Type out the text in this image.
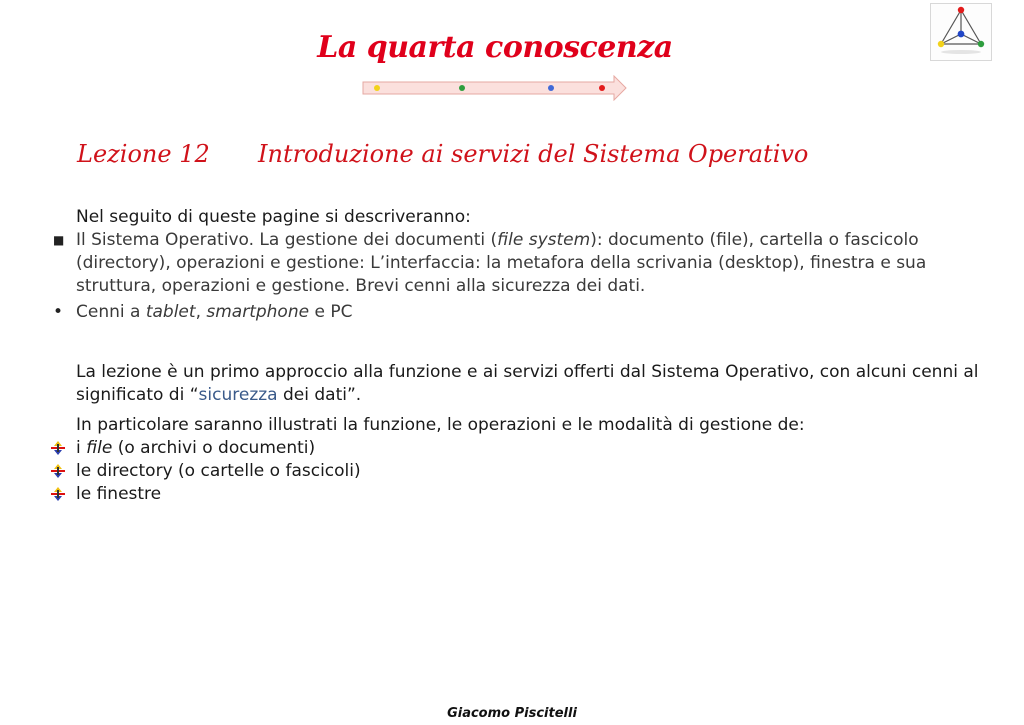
La quarta conoscenza
Lezione 12 Introduzione ai servizi del Sistema Operativo

Nel seguito di queste pagine si descriveranno:

■ Il Sistema Operativo. La gestione dei documenti (file system): documento (file), cartella o fascicolo (directory), operazioni e gestione: L’interfaccia: la metafora della scrivania (desktop), finestra e sua struttura, operazioni e gestione. Brevi cenni alla sicurezza dei dati.
• Cenni a tablet, smartphone e PC

La lezione è un primo approccio alla funzione e ai servizi offerti dal Sistema Operativo, con alcuni cenni al significato di “sicurezza dei dati”.

In particolare saranno illustrati la funzione, le operazioni e le modalità di gestione de:

i file (o archivi o documenti)
le directory (o cartelle o fascicoli)
le finestre
Giacomo Piscitelli
